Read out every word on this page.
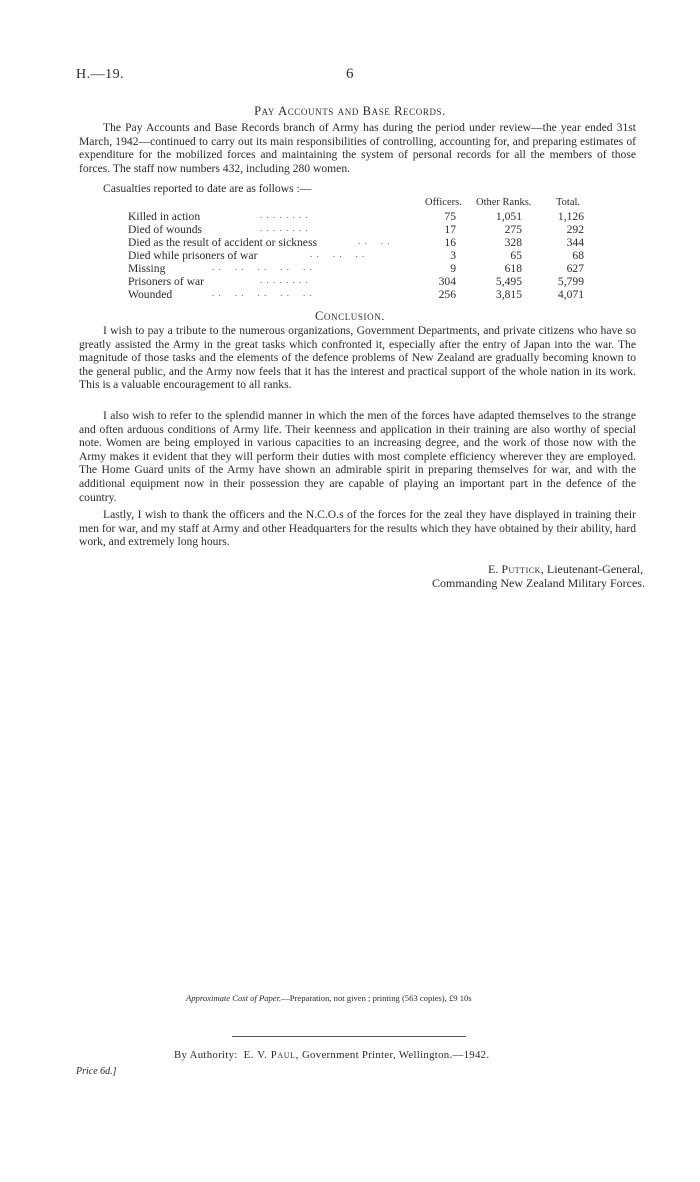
H.—19.	6
Pay Accounts and Base Records.

The Pay Accounts and Base Records branch of Army has during the period under review—the year ended 31st March, 1942—continued to carry out its main responsibilities of controlling, accounting for, and preparing estimates of expenditure for the mobilized forces and maintaining the system of personal records for all the members of those forces. The staff now numbers 432, including 280 women.

Casualties reported to date are as follows :—
Officers. Other Ranks. Total.
Killed in action	. . . . . . . .	75	1,051	1,126
Died of wounds	. . . . . . . .	17	275	292
Died as the result of accident or sickness	. .    . .	16	328	344
Died while prisoners of war	. .    . .    . .	3	65	68
Missing	. .    . .    . .    . .    . .	9	618	627
Prisoners of war	. . . . . . . .	304	5,495	5,799
Wounded	. .    . .    . .    . .    . .	256	3,815	4,071
Conclusion.

I wish to pay a tribute to the numerous organizations, Government Departments, and private citizens who have so greatly assisted the Army in the great tasks which confronted it, especially after the entry of Japan into the war. The magnitude of those tasks and the elements of the defence problems of New Zealand are gradually becoming known to the general public, and the Army now feels that it has the interest and practical support of the whole nation in its work. This is a valuable encouragement to all ranks.

I also wish to refer to the splendid manner in which the men of the forces have adapted themselves to the strange and often arduous conditions of Army life. Their keenness and application in their training are also worthy of special note. Women are being employed in various capacities to an increasing degree, and the work of those now with the Army makes it evident that they will perform their duties with most complete efficiency wherever they are employed. The Home Guard units of the Army have shown an admirable spirit in preparing themselves for war, and with the additional equipment now in their possession they are capable of playing an important part in the defence of the country.

Lastly, I wish to thank the officers and the N.C.O.s of the forces for the zeal they have displayed in training their men for war, and my staff at Army and other Headquarters for the results which they have obtained by their ability, hard work, and extremely long hours.

E. Puttick, Lieutenant-General,
Commanding New Zealand Military Forces.
Approximate Cost of Paper.—Preparation, not given ; printing (563 copies), £9 10s
By Authority: E. V. Paul, Government Printer, Wellington.—1942.
Price 6d.]
